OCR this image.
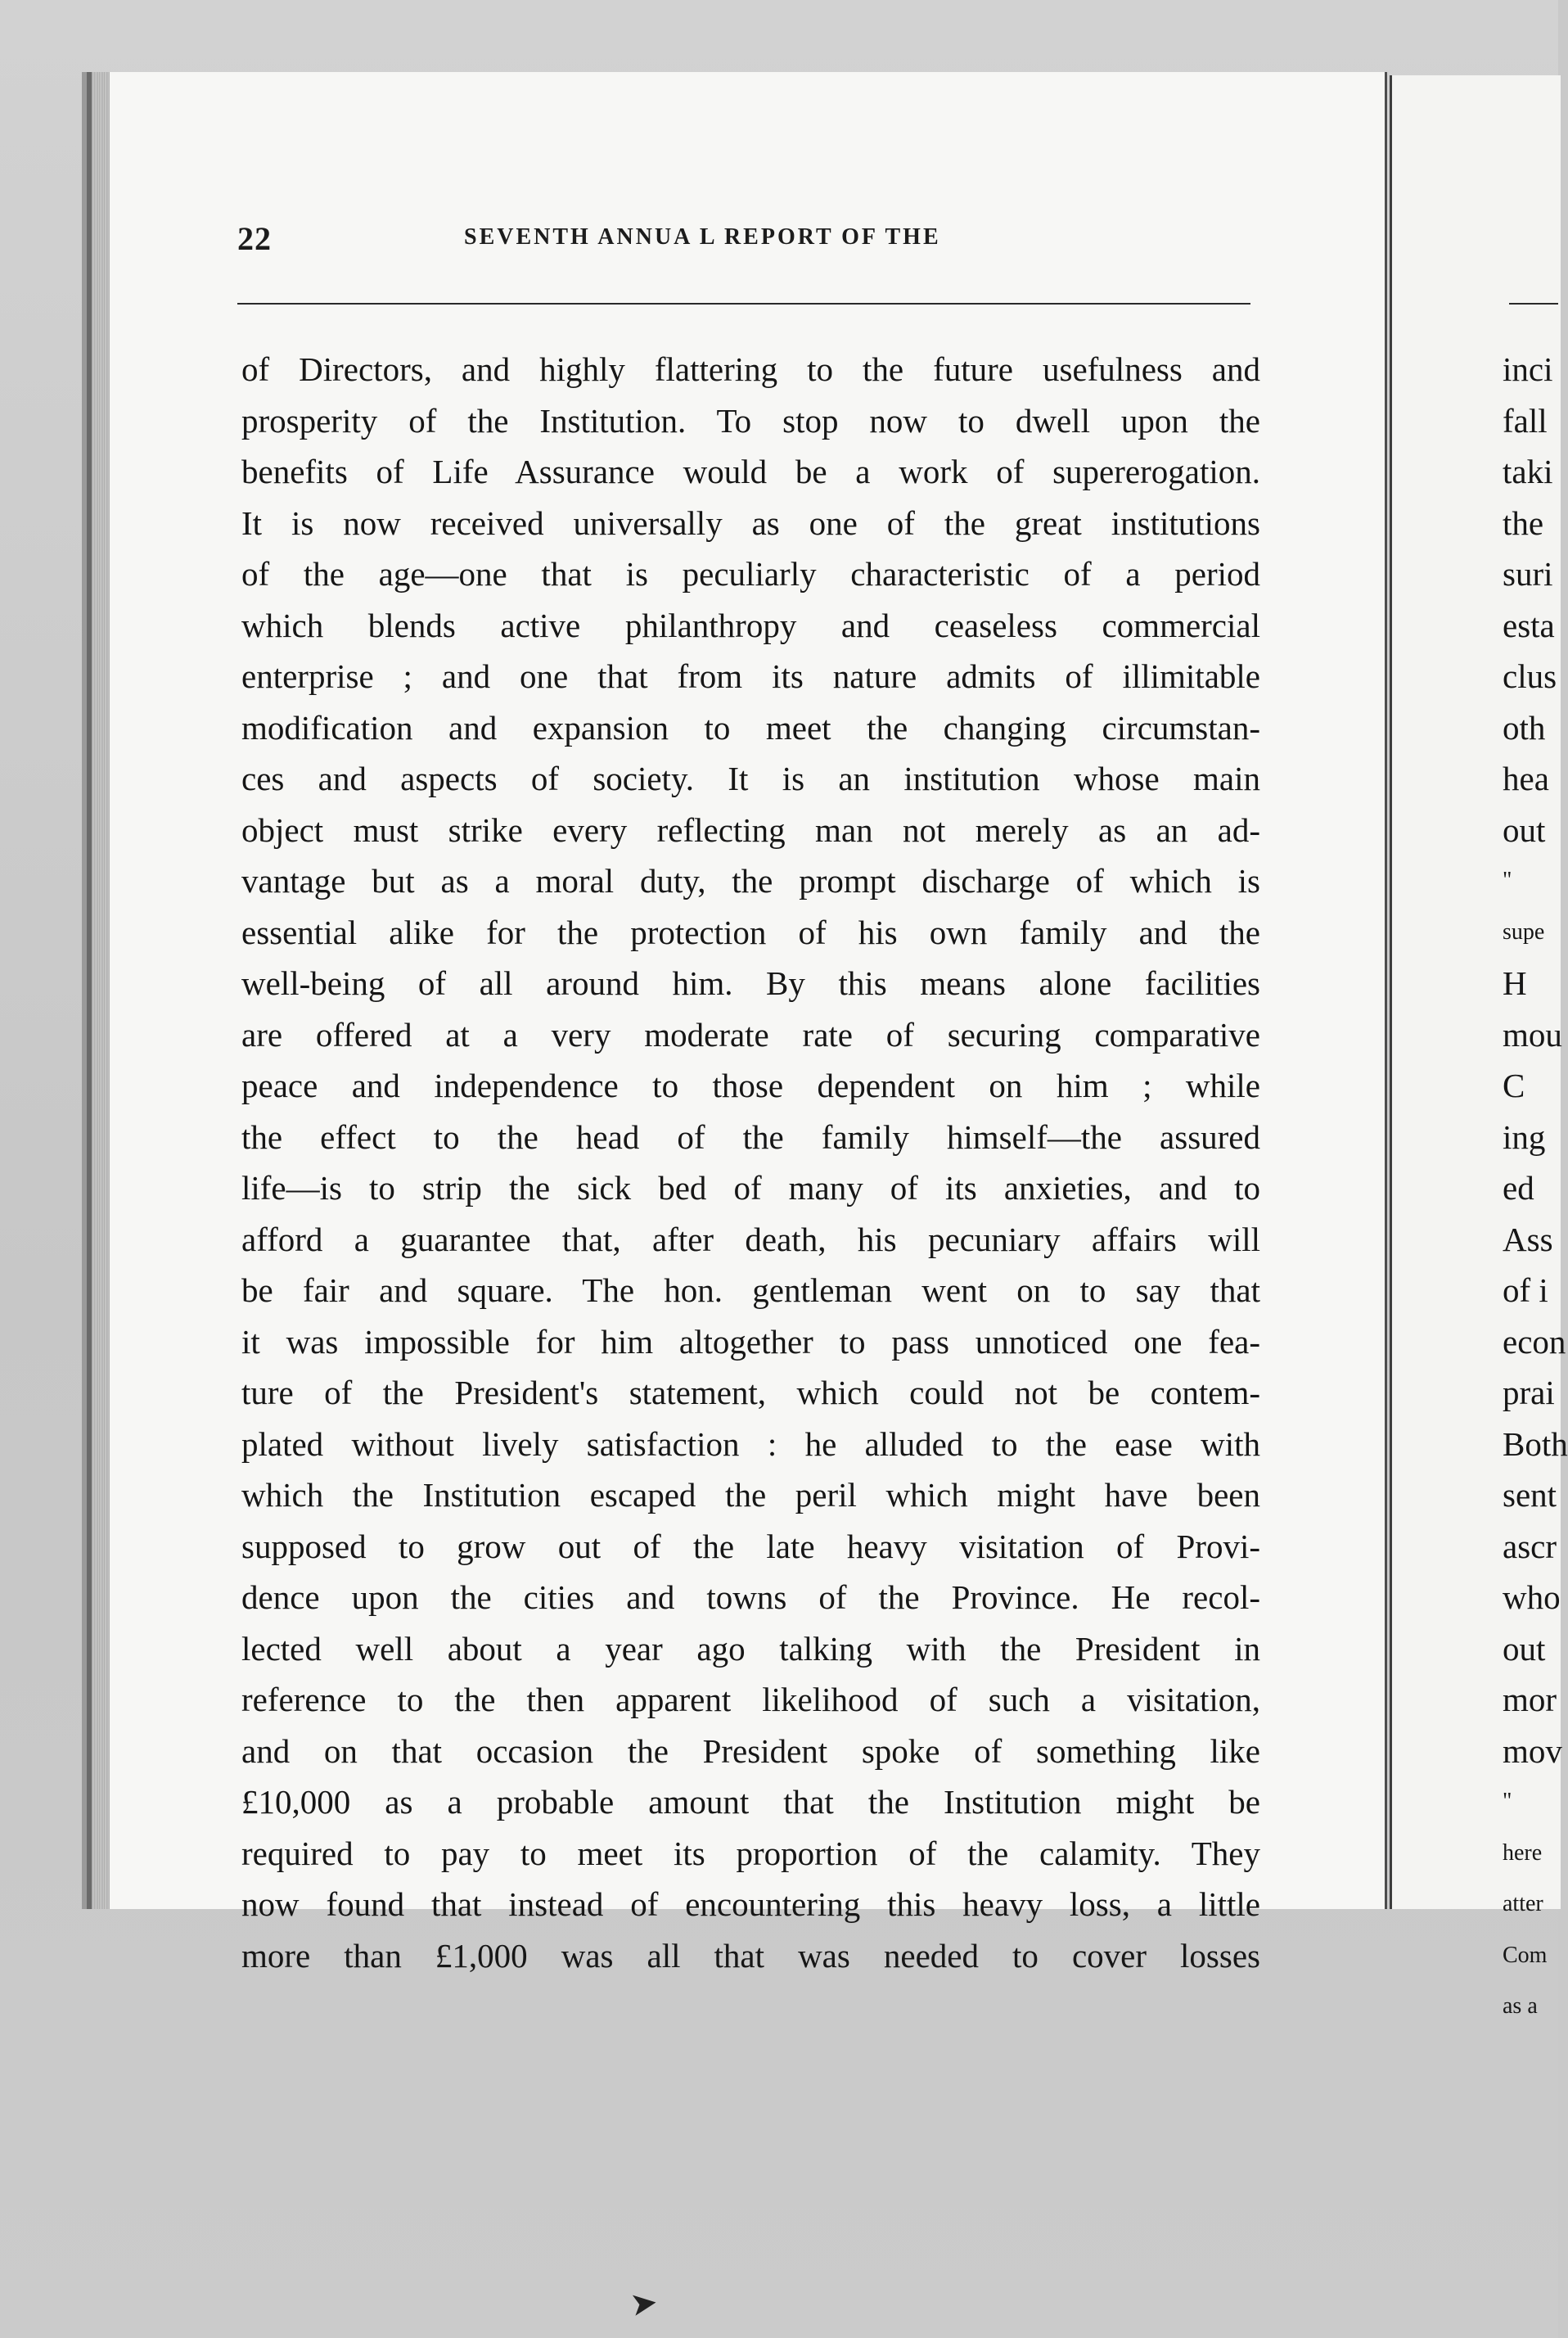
22	SEVENTH ANNUA L REPORT OF THE
of Directors, and highly flattering to the future usefulness and
prosperity of the Institution. To stop now to dwell upon the
benefits of Life Assurance would be a work of supererogation.
It is now received universally as one of the great institutions
of the age—one that is peculiarly characteristic of a period
which blends active philanthropy and ceaseless commercial
enterprise ; and one that from its nature admits of illimitable
modification and expansion to meet the changing circumstan-
ces and aspects of society. It is an institution whose main
object must strike every reflecting man not merely as an ad-
vantage but as a moral duty, the prompt discharge of which is
essential alike for the protection of his own family and the
well-being of all around him. By this means alone facilities
are offered at a very moderate rate of securing comparative
peace and independence to those dependent on him ; while
the effect to the head of the family himself—the assured
life—is to strip the sick bed of many of its anxieties, and to
afford a guarantee that, after death, his pecuniary affairs will
be fair and square. The hon. gentleman went on to say that
it was impossible for him altogether to pass unnoticed one fea-
ture of the President's statement, which could not be contem-
plated without lively satisfaction : he alluded to the ease with
which the Institution escaped the peril which might have been
supposed to grow out of the late heavy visitation of Provi-
dence upon the cities and towns of the Province. He recol-
lected well about a year ago talking with the President in
reference to the then apparent likelihood of such a visitation,
and on that occasion the President spoke of something like
£10,000 as a probable amount that the Institution might be
required to pay to meet its proportion of the calamity. They
now found that instead of encountering this heavy loss, a little
more than £1,000 was all that was needed to cover losses
inci
fall
taki
the
suri
esta
clus
oth
hea
out
"
supe
H
mou
C
ing
ed
Ass
of i
econ
prai
Both
sent
ascr
who
out
mor
mov
"
here
atter
Com
as a
➤
